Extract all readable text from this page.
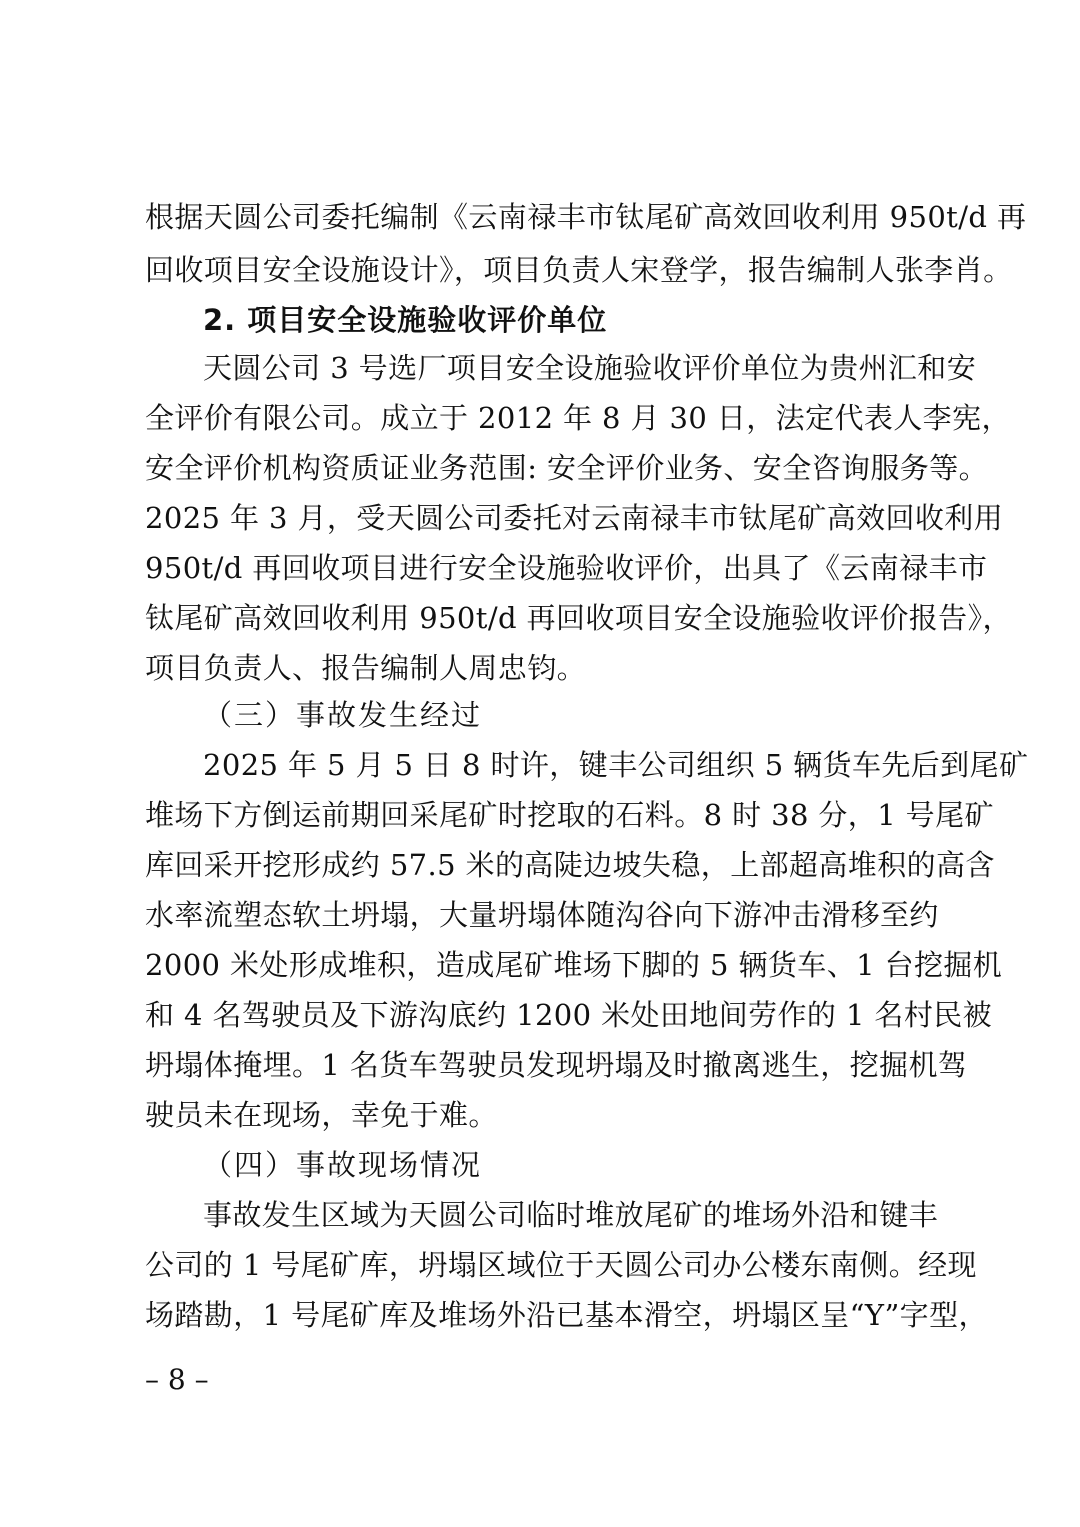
根据天圆公司委托编制《云南禄丰市钛尾矿高效回收利用 950t/d 再
回收项目安全设施设计》，项目负责人宋登学，报告编制人张李肖。
2. 项目安全设施验收评价单位
天圆公司 3 号选厂项目安全设施验收评价单位为贵州汇和安
全评价有限公司。成立于 2012 年 8 月 30 日，法定代表人李宪，
安全评价机构资质证业务范围: 安全评价业务、安全咨询服务等。
2025 年 3 月，受天圆公司委托对云南禄丰市钛尾矿高效回收利用
950t/d 再回收项目进行安全设施验收评价，出具了《云南禄丰市
钛尾矿高效回收利用 950t/d 再回收项目安全设施验收评价报告》，
项目负责人、报告编制人周忠钧。
（三）事故发生经过
2025 年 5 月 5 日 8 时许，键丰公司组织 5 辆货车先后到尾矿
堆场下方倒运前期回采尾矿时挖取的石料。8 时 38 分，1 号尾矿
库回采开挖形成约 57.5 米的高陡边坡失稳，上部超高堆积的高含
水率流塑态软土坍塌，大量坍塌体随沟谷向下游冲击滑移至约
2000 米处形成堆积，造成尾矿堆场下脚的 5 辆货车、1 台挖掘机
和 4 名驾驶员及下游沟底约 1200 米处田地间劳作的 1 名村民被
坍塌体掩埋。1 名货车驾驶员发现坍塌及时撤离逃生，挖掘机驾
驶员未在现场，幸免于难。
（四）事故现场情况
事故发生区域为天圆公司临时堆放尾矿的堆场外沿和键丰
公司的 1 号尾矿库，坍塌区域位于天圆公司办公楼东南侧。经现
场踏勘，1 号尾矿库及堆场外沿已基本滑空，坍塌区呈“Y”字型，
– 8 –
